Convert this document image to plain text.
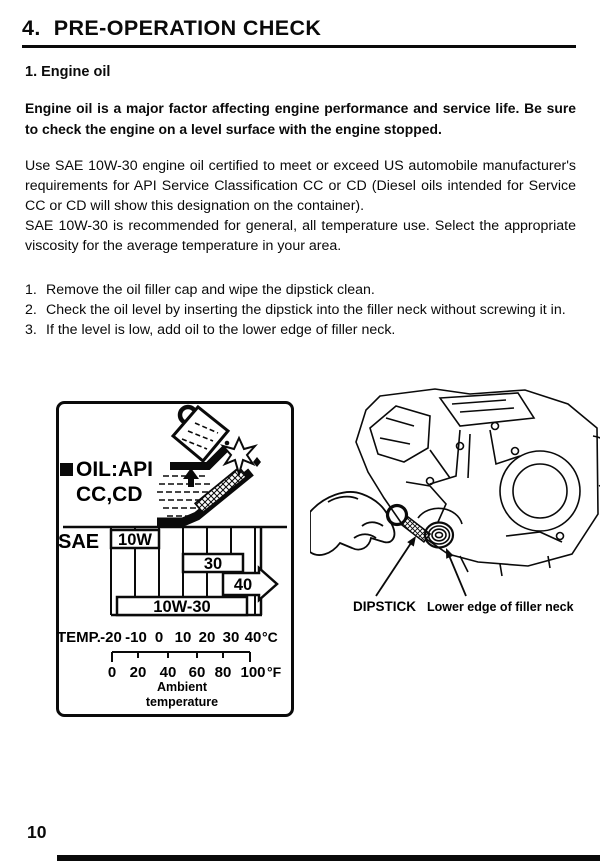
4. PRE-OPERATION CHECK
1. Engine oil
Engine oil is a major factor affecting engine performance and service life. Be sure to check the engine on a level surface with the engine stopped.

Use SAE 10W-30 engine oil certified to meet or exceed US automobile manufacturer's requirements for API Service Classification CC or CD (Diesel oils intended for Service CC or CD will show this designation on the container).

SAE 10W-30 is recommended for general, all temperature use. Select the appropriate viscosity for the average temperature in your area.

1. Remove the oil filler cap and wipe the dipstick clean.
2. Check the oil level by inserting the dipstick into the filler neck without screwing it in.
3. If the level is low, add oil to the lower edge of filler neck.
OIL:API
CC,CD
SAE 10W
30
40
10W-30
TEMP. -20 -10 0 10 20 30 40 °C
0 20 40 60 80 100 °F
Ambient
temperature
DIPSTICK Lower edge of filler neck
10
